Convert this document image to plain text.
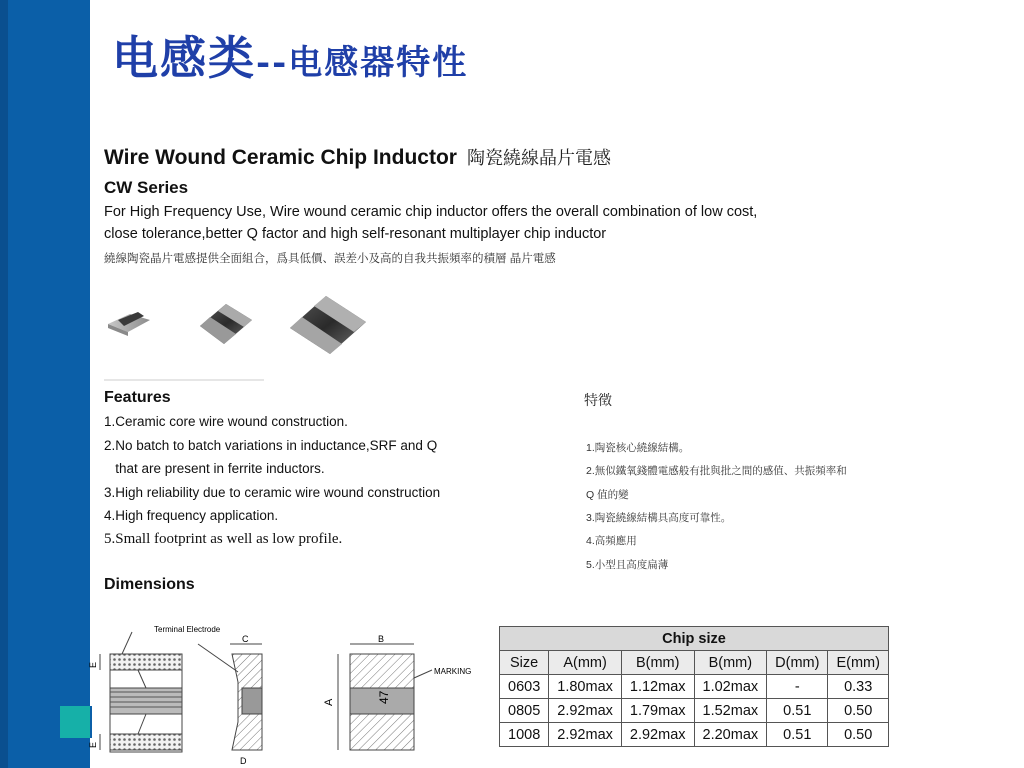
电感类--电感器特性
Wire Wound Ceramic Chip Inductor 陶瓷繞線晶片電感
CW Series
For High Frequency Use, Wire wound ceramic chip inductor offers the overall combination of low cost,
close tolerance,better Q factor and high self-resonant multiplayer chip inductor
繞線陶瓷晶片電感提供全面組合，爲具低價、誤差小及高的自我共振頻率的積層 晶片電感
Features
1.Ceramic core wire wound construction.
2.No batch to batch variations in inductance,SRF and Q
that are present in ferrite inductors.
3.High reliability due to ceramic wire wound construction
4.High frequency application.
5.Small footprint as well as low profile.
特徵
1.陶瓷核心繞線結構。
2.無似鐵氧錢體電感般有批與批之間的感值、共振頻率和
Q 值的變
3.陶瓷繞線結構具高度可靠性。
4.高頻應用
5.小型且高度扁薄
Dimensions
E
E
Terminal Electrode
C
D
B
A	47
MARKING
Chip size					
Size	A(mm)	B(mm)	B(mm)	D(mm)	E(mm)
0603	1.80max	1.12max	1.02max	-	0.33
0805	2.92max	1.79max	1.52max	0.51	0.50
1008	2.92max	2.92max	2.20max	0.51	0.50
